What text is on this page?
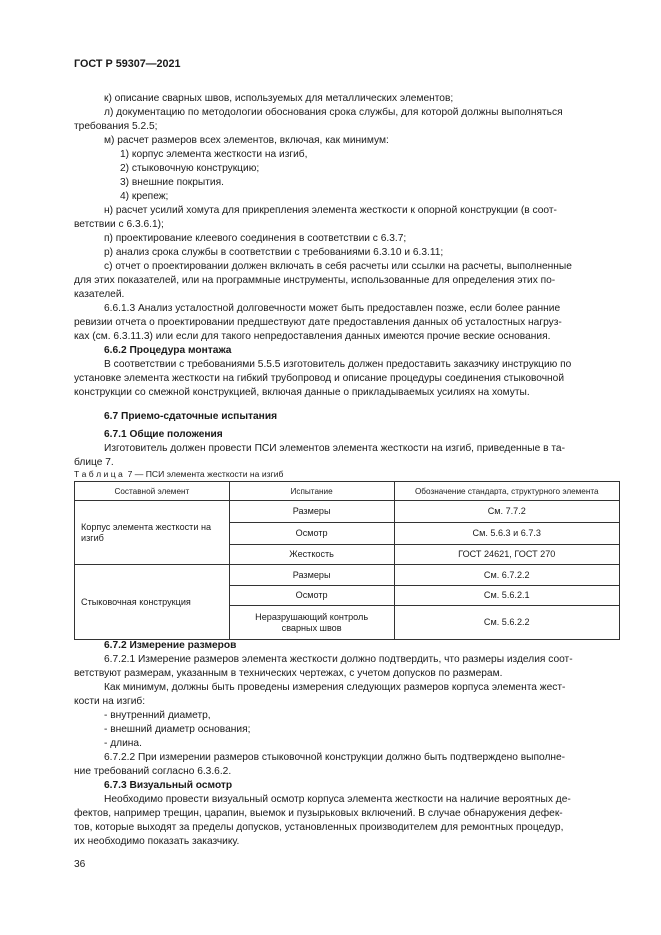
ГОСТ Р 59307—2021
к) описание сварных швов, используемых для металлических элементов;
л) документацию по методологии обоснования срока службы, для которой должны выполняться
требования 5.2.5;
м) расчет размеров всех элементов, включая, как минимум:
1) корпус элемента жесткости на изгиб,
2) стыковочную конструкцию;
3) внешние покрытия.
4) крепеж;
н) расчет усилий хомута для прикрепления элемента жесткости к опорной конструкции (в соот-
ветствии с 6.3.6.1);
п) проектирование клеевого соединения в соответствии с 6.3.7;
р) анализ срока службы в соответствии с требованиями 6.3.10 и 6.3.11;
с) отчет о проектировании должен включать в себя расчеты или ссылки на расчеты, выполненные
для этих показателей, или на программные инструменты, использованные для определения этих по-
казателей.
6.6.1.3 Анализ усталостной долговечности может быть предоставлен позже, если более ранние
ревизии отчета о проектировании предшествуют дате предоставления данных об усталостных нагруз-
ках (см. 6.3.11.3) или если для такого непредоставления данных имеются прочие веские основания.
6.6.2 Процедура монтажа
В соответствии с требованиями 5.5.5 изготовитель должен предоставить заказчику инструкцию по
установке элемента жесткости на гибкий трубопровод и описание процедуры соединения стыковочной
конструкции со смежной конструкцией, включая данные о прикладываемых усилиях на хомуты.
6.7 Приемо-сдаточные испытания
6.7.1 Общие положения
Изготовитель должен провести ПСИ элементов элемента жесткости на изгиб, приведенные в та-
блице 7.
Т а б л и ц а 7 — ПСИ элемента жесткости на изгиб
Составной элемент	Испытание	Обозначение стандарта, структурного элемента
Корпус элемента жесткости на изгиб	Размеры	См. 7.7.2
	Осмотр	См. 5.6.3 и 6.7.3
	Жесткость	ГОСТ 24621, ГОСТ 270
Стыковочная конструкция	Размеры	См. 6.7.2.2
	Осмотр	См. 5.6.2.1
	Неразрушающий контроль сварных швов	См. 5.6.2.2
6.7.2 Измерение размеров
6.7.2.1 Измерение размеров элемента жесткости должно подтвердить, что размеры изделия соот-
ветствуют размерам, указанным в технических чертежах, с учетом допусков по размерам.
Как минимум, должны быть проведены измерения следующих размеров корпуса элемента жест-
кости на изгиб:
- внутренний диаметр,
- внешний диаметр основания;
- длина.
6.7.2.2 При измерении размеров стыковочной конструкции должно быть подтверждено выполне-
ние требований согласно 6.3.6.2.
6.7.3 Визуальный осмотр
Необходимо провести визуальный осмотр корпуса элемента жесткости на наличие вероятных де-
фектов, например трещин, царапин, выемок и пузырьковых включений. В случае обнаружения дефек-
тов, которые выходят за пределы допусков, установленных производителем для ремонтных процедур,
их необходимо показать заказчику.
36
